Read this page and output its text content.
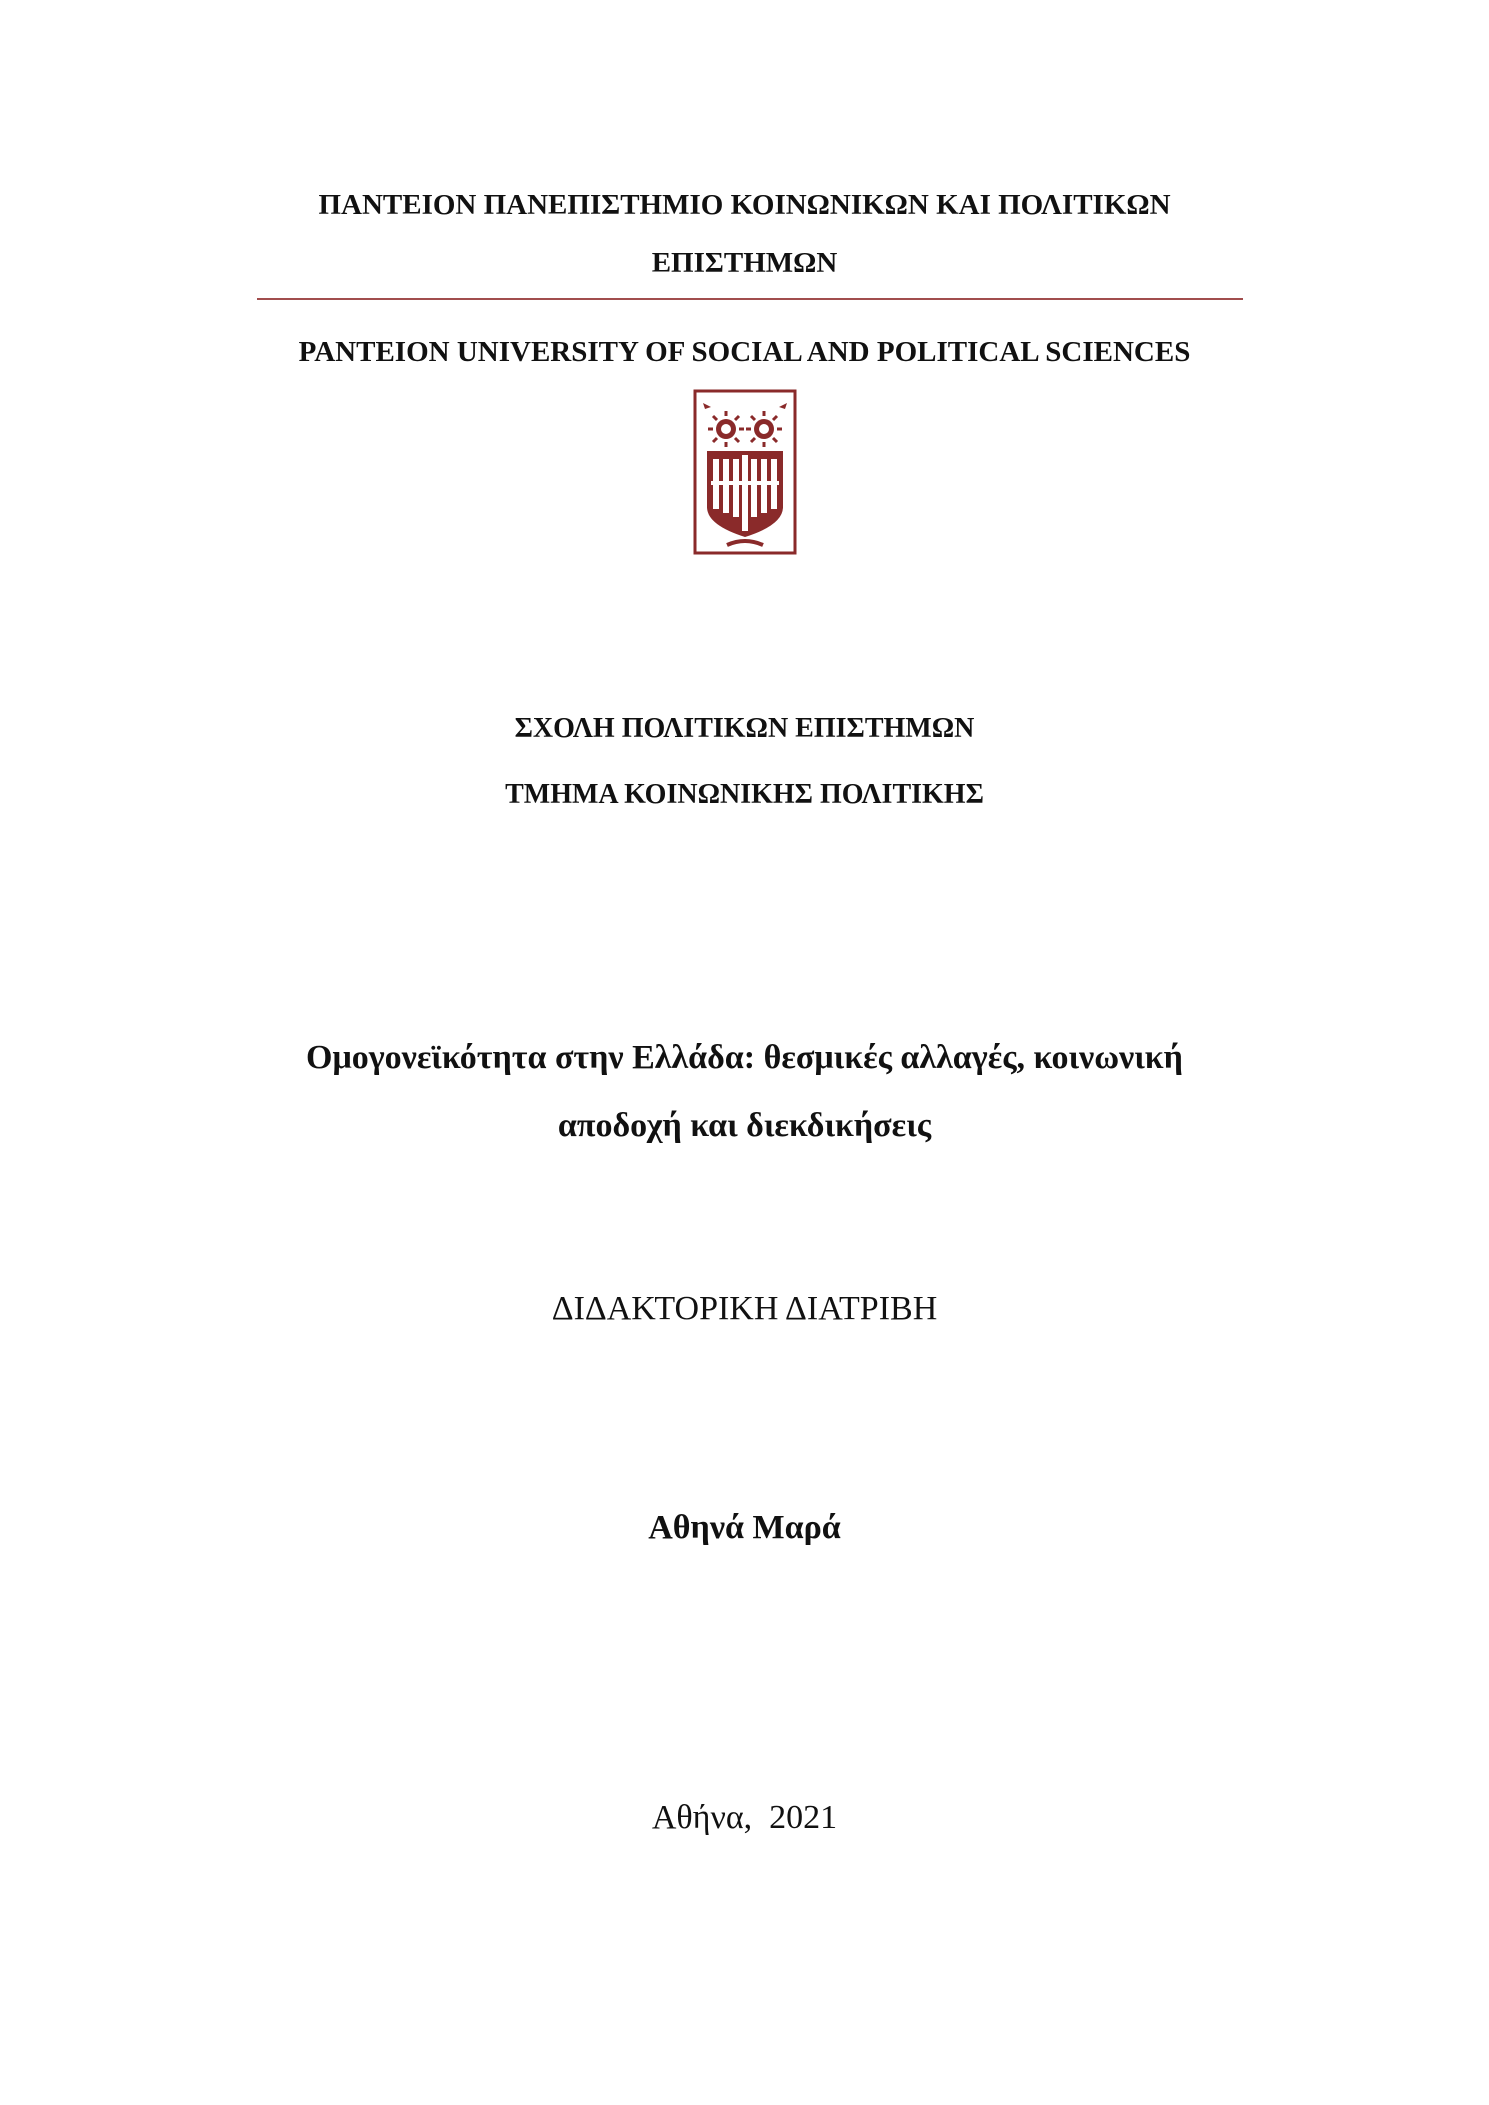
ΠΑΝΤΕΙΟΝ ΠΑΝΕΠΙΣΤΗΜΙΟ ΚΟΙΝΩΝΙΚΩΝ ΚΑΙ ΠΟΛΙΤΙΚΩΝ
ΕΠΙΣΤΗΜΩΝ
PANTEION UNIVERSITY OF SOCIAL AND POLITICAL SCIENCES
ΣΧΟΛΗ ΠΟΛΙΤΙΚΩΝ ΕΠΙΣΤΗΜΩΝ
ΤΜΗΜΑ ΚΟΙΝΩΝΙΚΗΣ ΠΟΛΙΤΙΚΗΣ
Ομογονεϊκότητα στην Ελλάδα: θεσμικές αλλαγές, κοινωνική
αποδοχή και διεκδικήσεις
ΔΙΔΑΚΤΟΡΙΚΗ ΔΙΑΤΡΙΒΗ
Αθηνά Μαρά
Αθήνα,  2021
